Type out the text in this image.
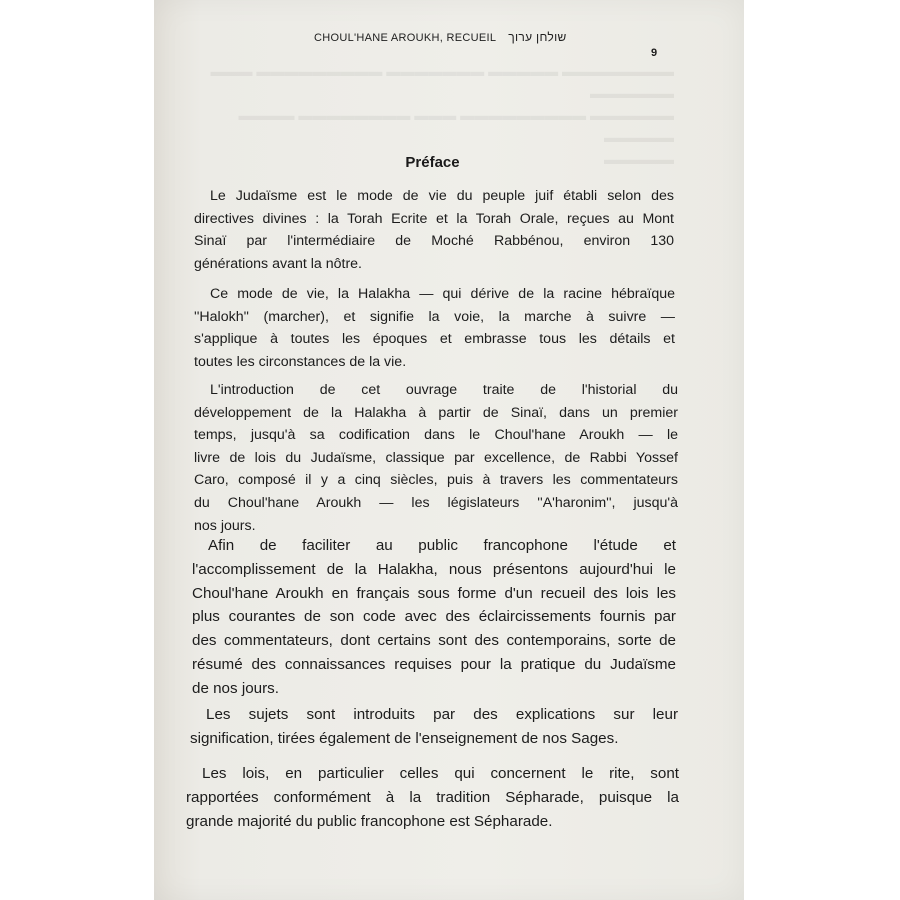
▬▬▬▬▬▬▬▬ ▬▬▬▬▬ ▬▬▬▬▬▬▬ ▬▬▬▬▬▬▬▬▬ ▬▬▬ ▬▬▬▬▬▬
▬▬▬▬▬▬ ▬▬▬▬▬▬▬▬▬ ▬▬▬ ▬▬▬▬▬▬▬▬ ▬▬▬▬ ▬▬▬▬▬
▬▬▬▬▬
CHOUL'HANE AROUKH, RECUEIL שולחן ערוך
9
Préface
Le Judaïsme est le mode de vie du peuple juif établi selon des
directives divines : la Torah Ecrite et la Torah Orale, reçues au Mont
Sinaï par l'intermédiaire de Moché Rabbénou, environ 130
générations avant la nôtre.
Ce mode de vie, la Halakha — qui dérive de la racine hébraïque
''Halokh'' (marcher), et signifie la voie, la marche à suivre —
s'applique à toutes les époques et embrasse tous les détails et
toutes les circonstances de la vie.
L'introduction de cet ouvrage traite de l'historial du
développement de la Halakha à partir de Sinaï, dans un premier
temps, jusqu'à sa codification dans le Choul'hane Aroukh — le
livre de lois du Judaïsme, classique par excellence, de Rabbi Yossef
Caro, composé il y a cinq siècles, puis à travers les commentateurs
du Choul'hane Aroukh — les législateurs ''A'haronim'', jusqu'à
nos jours.
Afin de faciliter au public francophone l'étude et
l'accomplissement de la Halakha, nous présentons aujourd'hui le
Choul'hane Aroukh en français sous forme d'un recueil des lois les
plus courantes de son code avec des éclaircissements fournis par
des commentateurs, dont certains sont des contemporains, sorte de
résumé des connaissances requises pour la pratique du Judaïsme
de nos jours.
Les sujets sont introduits par des explications sur leur
signification, tirées également de l'enseignement de nos Sages.
Les lois, en particulier celles qui concernent le rite, sont
rapportées conformément à la tradition Sépharade, puisque la
grande majorité du public francophone est Sépharade.
